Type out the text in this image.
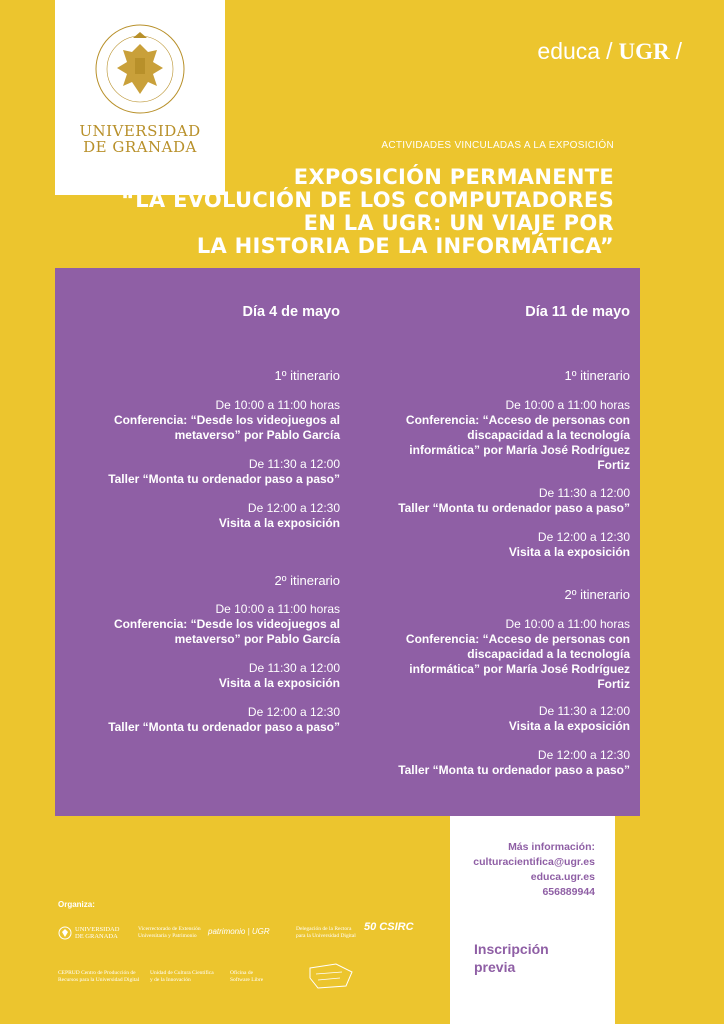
UNIVERSIDAD
DE GRANADA
educa / UGR /
ACTIVIDADES VINCULADAS A LA EXPOSICIÓN
EXPOSICIÓN PERMANENTE
“LA EVOLUCIÓN DE LOS COMPUTADORES
EN LA UGR: UN VIAJE POR
LA HISTORIA DE LA INFORMÁTICA”
Día 4 de mayo
1º itinerario
De 10:00 a 11:00 horas
Conferencia: “Desde los videojuegos al
metaverso” por Pablo García
De 11:30 a 12:00
Taller “Monta tu ordenador paso a paso”
De 12:00 a 12:30
Visita a la exposición
2º itinerario
De 10:00 a 11:00 horas
Conferencia: “Desde los videojuegos al
metaverso” por Pablo García
De 11:30 a 12:00
Visita a la exposición
De 12:00 a 12:30
Taller “Monta tu ordenador paso a paso”
Día 11 de mayo
1º itinerario
De 10:00 a 11:00 horas
Conferencia: “Acceso de personas con
discapacidad a la tecnología
informática” por María José Rodríguez
Fortiz
De 11:30 a 12:00
Taller “Monta tu ordenador paso a paso”
De 12:00 a 12:30
Visita a la exposición
2º itinerario
De 10:00 a 11:00 horas
Conferencia: “Acceso de personas con
discapacidad a la tecnología
informática” por María José Rodríguez
Fortiz
De 11:30 a 12:00
Visita a la exposición
De 12:00 a 12:30
Taller “Monta tu ordenador paso a paso”
Más información:
culturacientifica@ugr.es
educa.ugr.es
656889944
Inscripción
previa
Organiza:
UNIVERSIDAD
DE GRANADA
Vicerrectorado de Extensión
Universitaria y Patrimonio	patrimonio | UGR	Delegación de la Rectora
para la Universidad Digital
50 CSIRC
CEPRUD Centro de Producción de
Recursos para la Universidad Digital
Unidad de Cultura Científica
y de la Innovación
Oficina de
Software Libre
